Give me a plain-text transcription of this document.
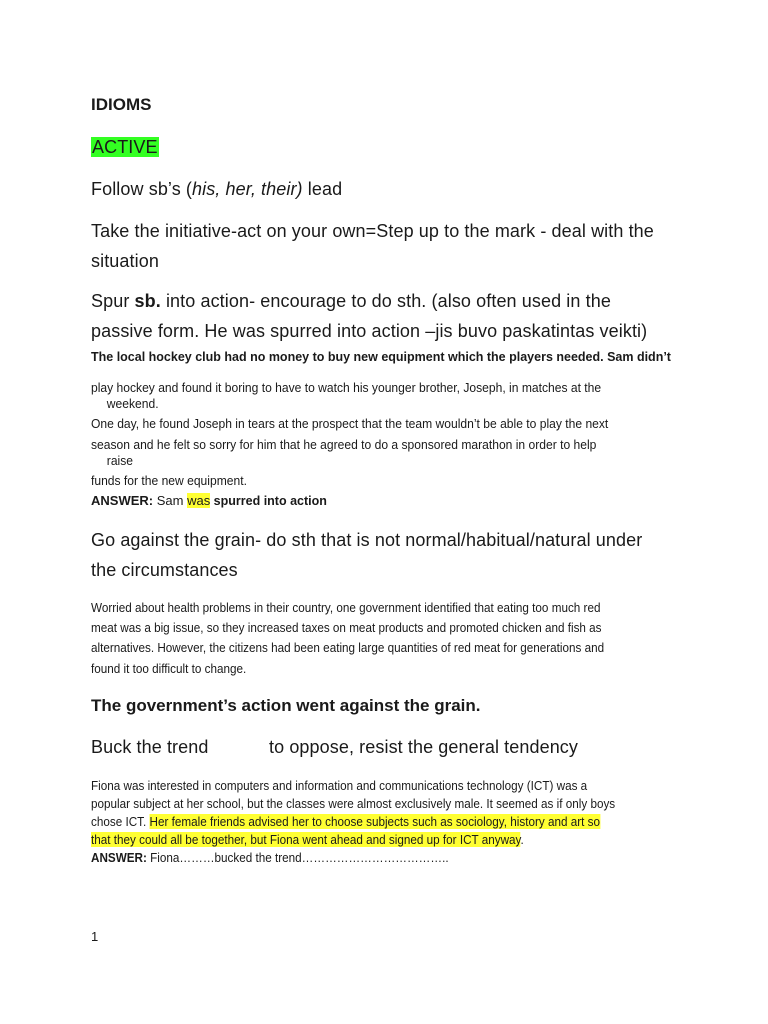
IDIOMS
ACTIVE
Follow sb’s (his, her, their) lead
Take the initiative-act on your own=Step up to the mark - deal with the
situation
Spur sb. into action- encourage to do sth. (also often used in the
passive form. He was spurred into action –jis buvo paskatintas veikti)
The local hockey club had no money to buy new equipment which the players needed. Sam didn’t
play hockey and found it boring to have to watch his younger brother, Joseph, in matches at the
weekend.
One day, he found Joseph in tears at the prospect that the team wouldn’t be able to play the next
season and he felt so sorry for him that he agreed to do a sponsored marathon in order to help
raise
funds for the new equipment.
ANSWER: Sam was spurred into action
Go against the grain- do sth that is not normal/habitual/natural under
the circumstances
Worried about health problems in their country, one government identified that eating too much red
meat was a big issue, so they increased taxes on meat products and promoted chicken and fish as
alternatives. However, the citizens had been eating large quantities of red meat for generations and
found it too difficult to change.
The government’s action went against the grain.
Buck the trend	to oppose, resist the general tendency
Fiona was interested in computers and information and communications technology (ICT) was a
popular subject at her school, but the classes were almost exclusively male. It seemed as if only boys
chose ICT. Her female friends advised her to choose subjects such as sociology, history and art so
that they could all be together, but Fiona went ahead and signed up for ICT anyway.
ANSWER: Fiona………bucked the trend………………………………..
1
